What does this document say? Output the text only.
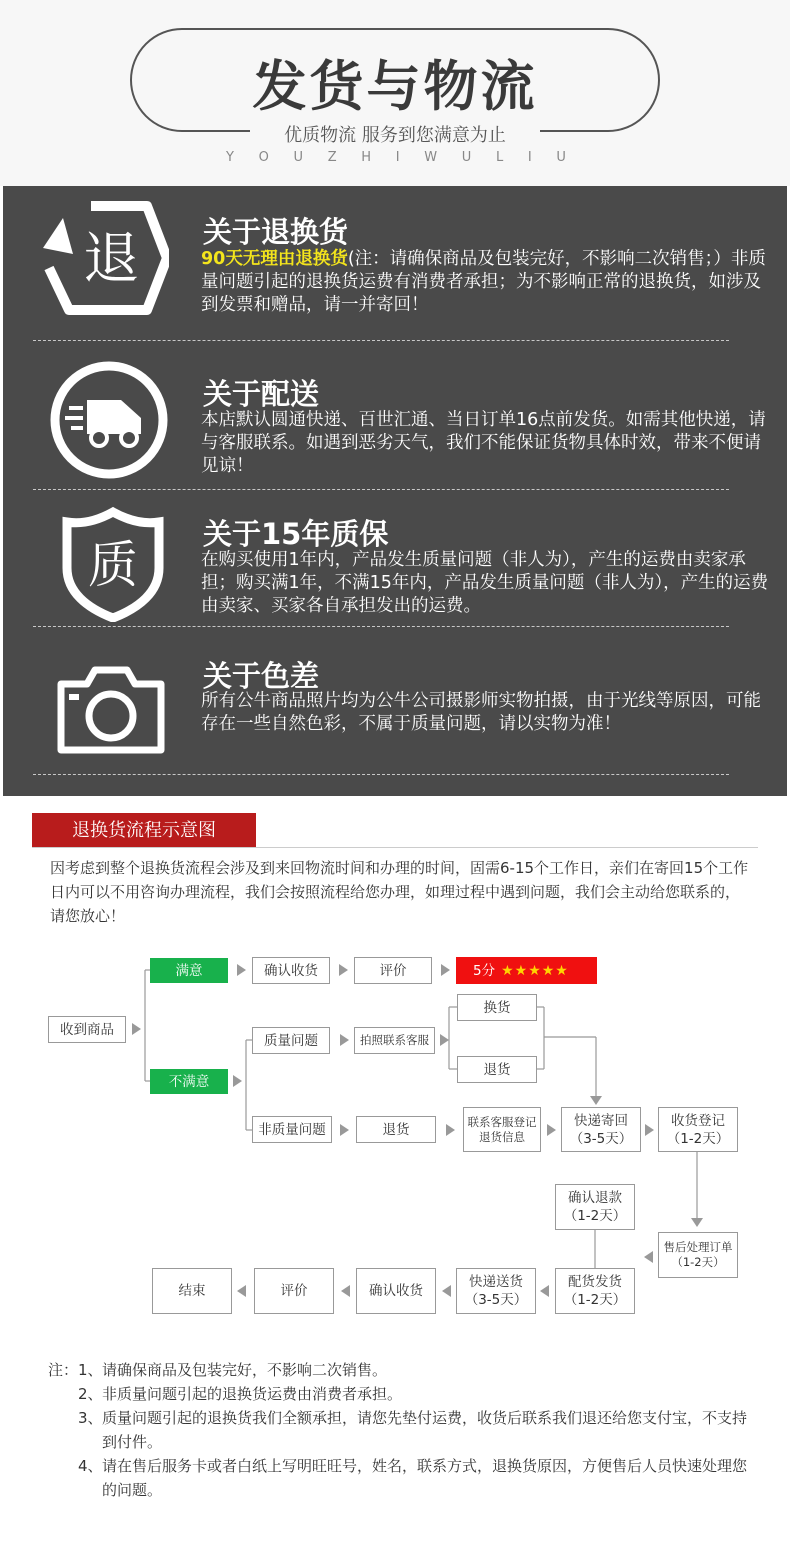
发货与物流
优质物流 服务到您满意为止
Y O U Z H I W U L I U
退 关于退换货
90天无理由退换货(注：请确保商品及包装完好，不影响二次销售；）非质量问题引起的退换货运费有消费者承担；为不影响正常的退换货，如涉及到发票和赠品，请一并寄回！
关于配送
本店默认圆通快递、百世汇通、当日订单16点前发货。如需其他快递，请与客服联系。如遇到恶劣天气，我们不能保证货物具体时效，带来不便请见谅！
质
关于15年质保
在购买使用1年内，产品发生质量问题（非人为），产生的运费由卖家承担；购买满1年，不满15年内，产品发生质量问题（非人为），产生的运费由卖家、买家各自承担发出的运费。
关于色差
所有公牛商品照片均为公牛公司摄影师实物拍摄，由于光线等原因，可能存在一些自然色彩，不属于质量问题，请以实物为准！
退换货流程示意图
因考虑到整个退换货流程会涉及到来回物流时间和办理的时间，固需6-15个工作日，亲们在寄回15个工作日内可以不用咨询办理流程，我们会按照流程给您办理，如理过程中遇到问题，我们会主动给您联系的，请您放心！
收到商品
满意	确认收货	评价	5分 ★★★★★
不满意
质量问题	拍照联系客服
换货
退货
非质量问题	退货	联系客服登记
退货信息
快递寄回
（3-5天）
收货登记
（1-2天）
确认退款
（1-2天）
售后处理订单
（1-2天）
配货发货
（1-2天）
快递送货
（3-5天）
确认收货
评价
结束
注： 1、 请确保商品及包装完好，不影响二次销售。
2、 非质量问题引起的退换货运费由消费者承担。
3、 质量问题引起的退换货我们全额承担，请您先垫付运费，收货后联系我们退还给您支付宝，不支持到付件。
4、 请在售后服务卡或者白纸上写明旺旺号，姓名，联系方式，退换货原因，方便售后人员快速处理您的问题。
